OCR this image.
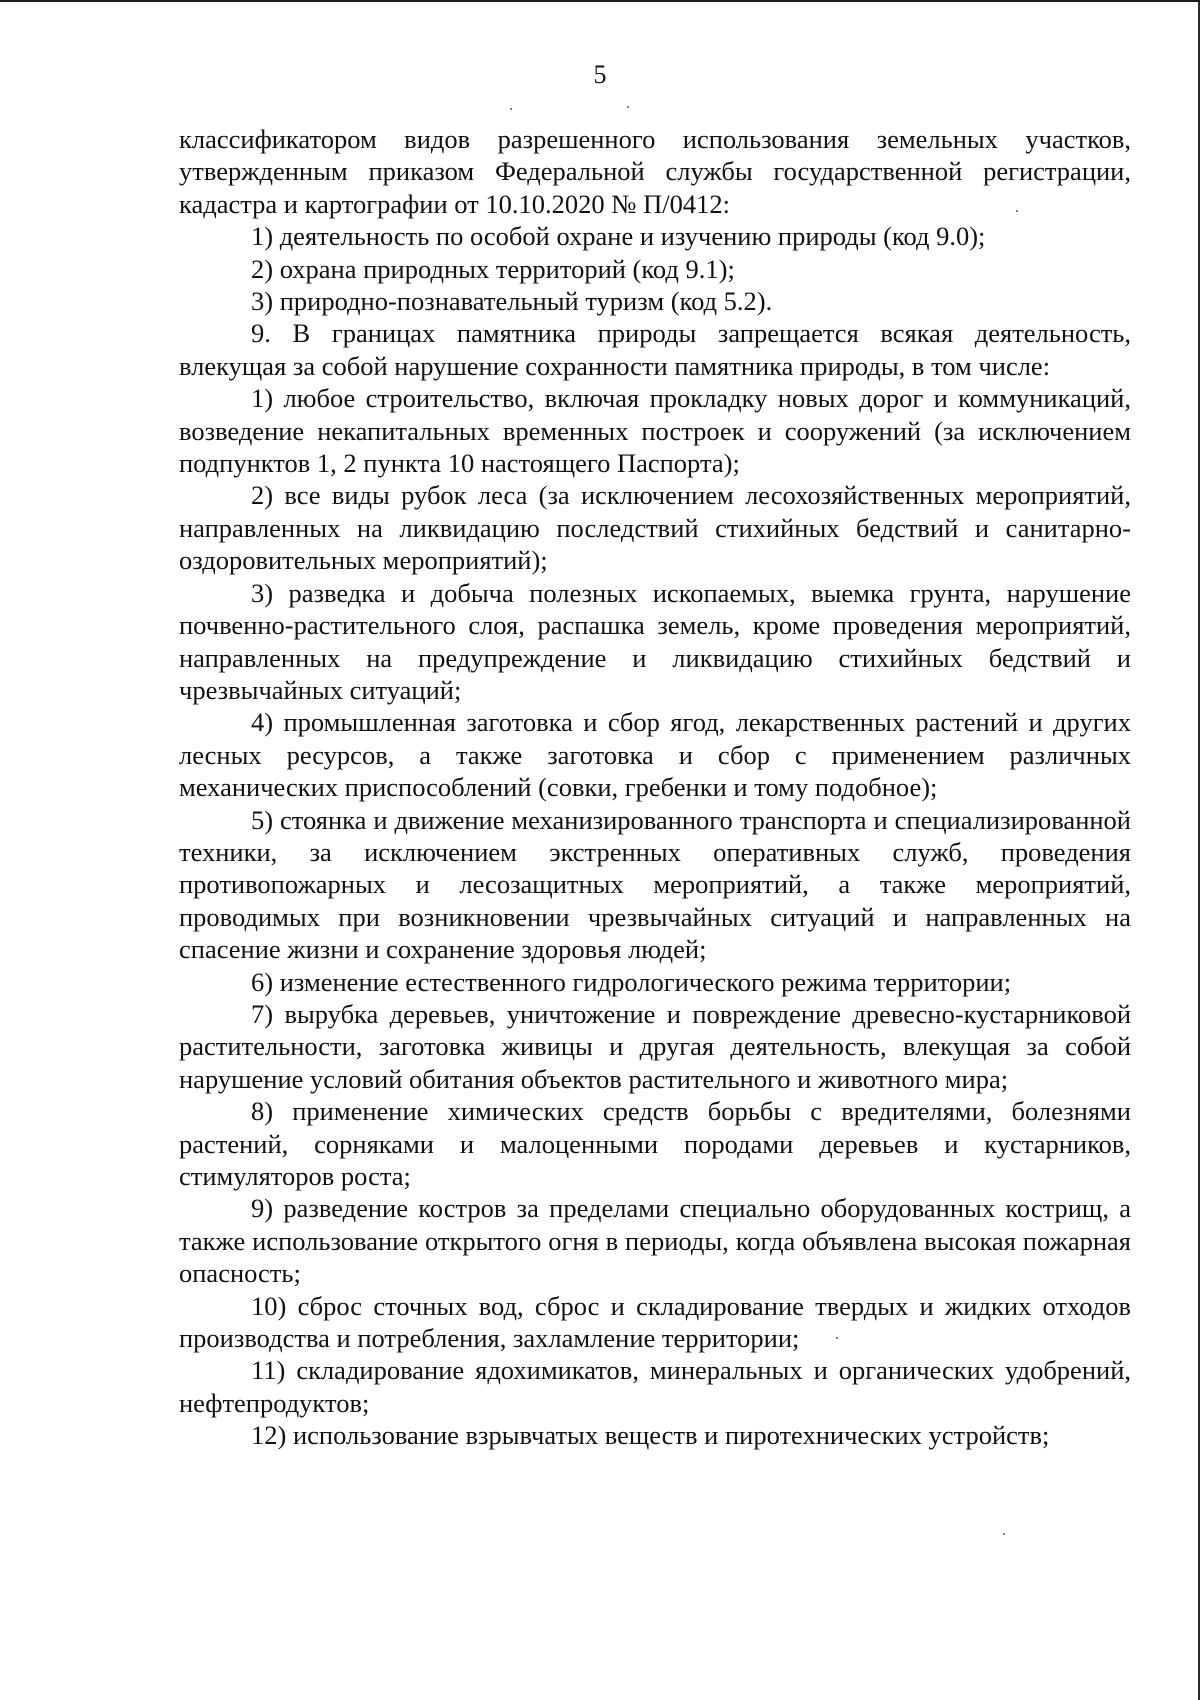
5

классификатором видов разрешенного использования земельных участков, утвержденным приказом Федеральной службы государственной регистрации, кадастра и картографии от 10.10.2020 № П/0412:

1) деятельность по особой охране и изучению природы (код 9.0);

2) охрана природных территорий (код 9.1);

3) природно-познавательный туризм (код 5.2).

9. В границах памятника природы запрещается всякая деятельность, влекущая за собой нарушение сохранности памятника природы, в том числе:

1) любое строительство, включая прокладку новых дорог и коммуникаций, возведение некапитальных временных построек и сооружений (за исключением подпунктов 1, 2 пункта 10 настоящего Паспорта);

2) все виды рубок леса (за исключением лесохозяйственных мероприятий, направленных на ликвидацию последствий стихийных бедствий и санитарно-оздоровительных мероприятий);

3) разведка и добыча полезных ископаемых, выемка грунта, нарушение почвенно-растительного слоя, распашка земель, кроме проведения мероприятий, направленных на предупреждение и ликвидацию стихийных бедствий и чрезвычайных ситуаций;

4) промышленная заготовка и сбор ягод, лекарственных растений и других лесных ресурсов, а также заготовка и сбор с применением различных механических приспособлений (совки, гребенки и тому подобное);

5) стоянка и движение механизированного транспорта и специализированной техники, за исключением экстренных оперативных служб, проведения противопожарных и лесозащитных мероприятий, а также мероприятий, проводимых при возникновении чрезвычайных ситуаций и направленных на спасение жизни и сохранение здоровья людей;

6) изменение естественного гидрологического режима территории;

7) вырубка деревьев, уничтожение и повреждение древесно-кустарниковой растительности, заготовка живицы и другая деятельность, влекущая за собой нарушение условий обитания объектов растительного и животного мира;

8) применение химических средств борьбы с вредителями, болезнями растений, сорняками и малоценными породами деревьев и кустарников, стимуляторов роста;

9) разведение костров за пределами специально оборудованных кострищ, а также использование открытого огня в периоды, когда объявлена высокая пожарная опасность;

10) сброс сточных вод, сброс и складирование твердых и жидких отходов производства и потребления, захламление территории;

11) складирование ядохимикатов, минеральных и органических удобрений, нефтепродуктов;

12) использование взрывчатых веществ и пиротехнических устройств;
